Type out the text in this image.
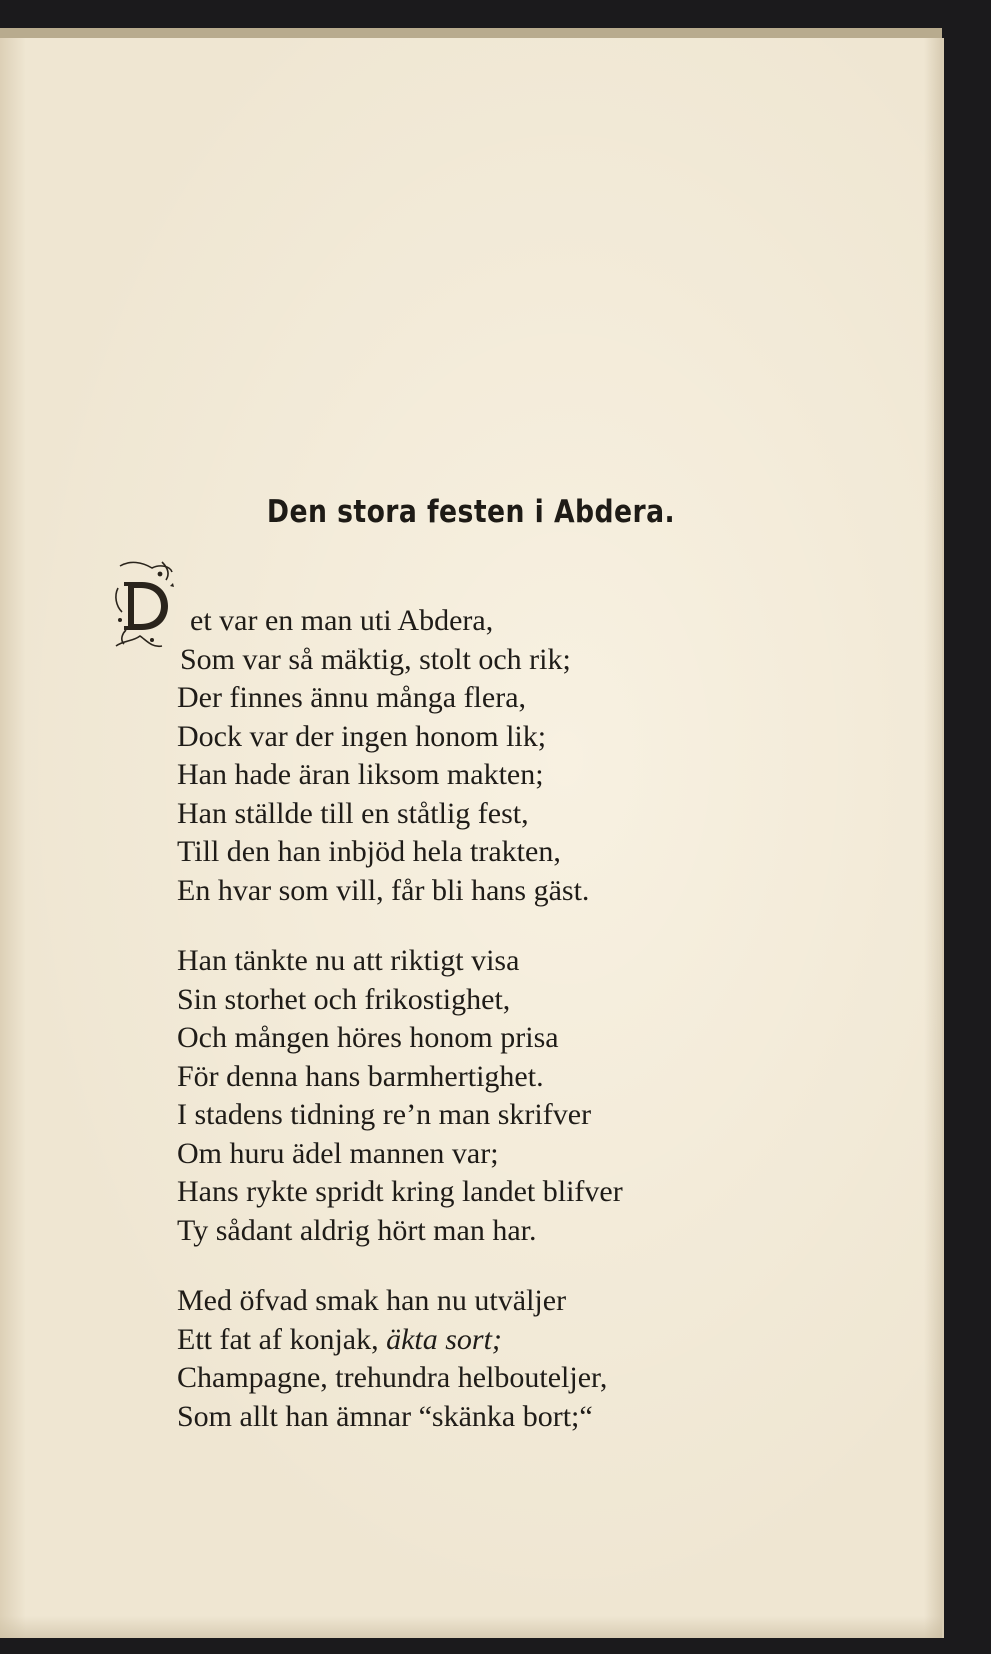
Den stora festen i Abdera.
et var en man uti Abdera,
Som var så mäktig, stolt och rik;
Der finnes ännu många flera,
Dock var der ingen honom lik;
Han hade äran liksom makten;
Han ställde till en ståtlig fest,
Till den han inbjöd hela trakten,
En hvar som vill, får bli hans gäst.
Han tänkte nu att riktigt visa
Sin storhet och frikostighet,
Och mången höres honom prisa
För denna hans barmhertighet.
I stadens tidning re’n man skrifver
Om huru ädel mannen var;
Hans rykte spridt kring landet blifver
Ty sådant aldrig hört man har.
Med öfvad smak han nu utväljer
Ett fat af konjak, äkta sort;
Champagne, trehundra helbouteljer,
Som allt han ämnar “skänka bort;“
